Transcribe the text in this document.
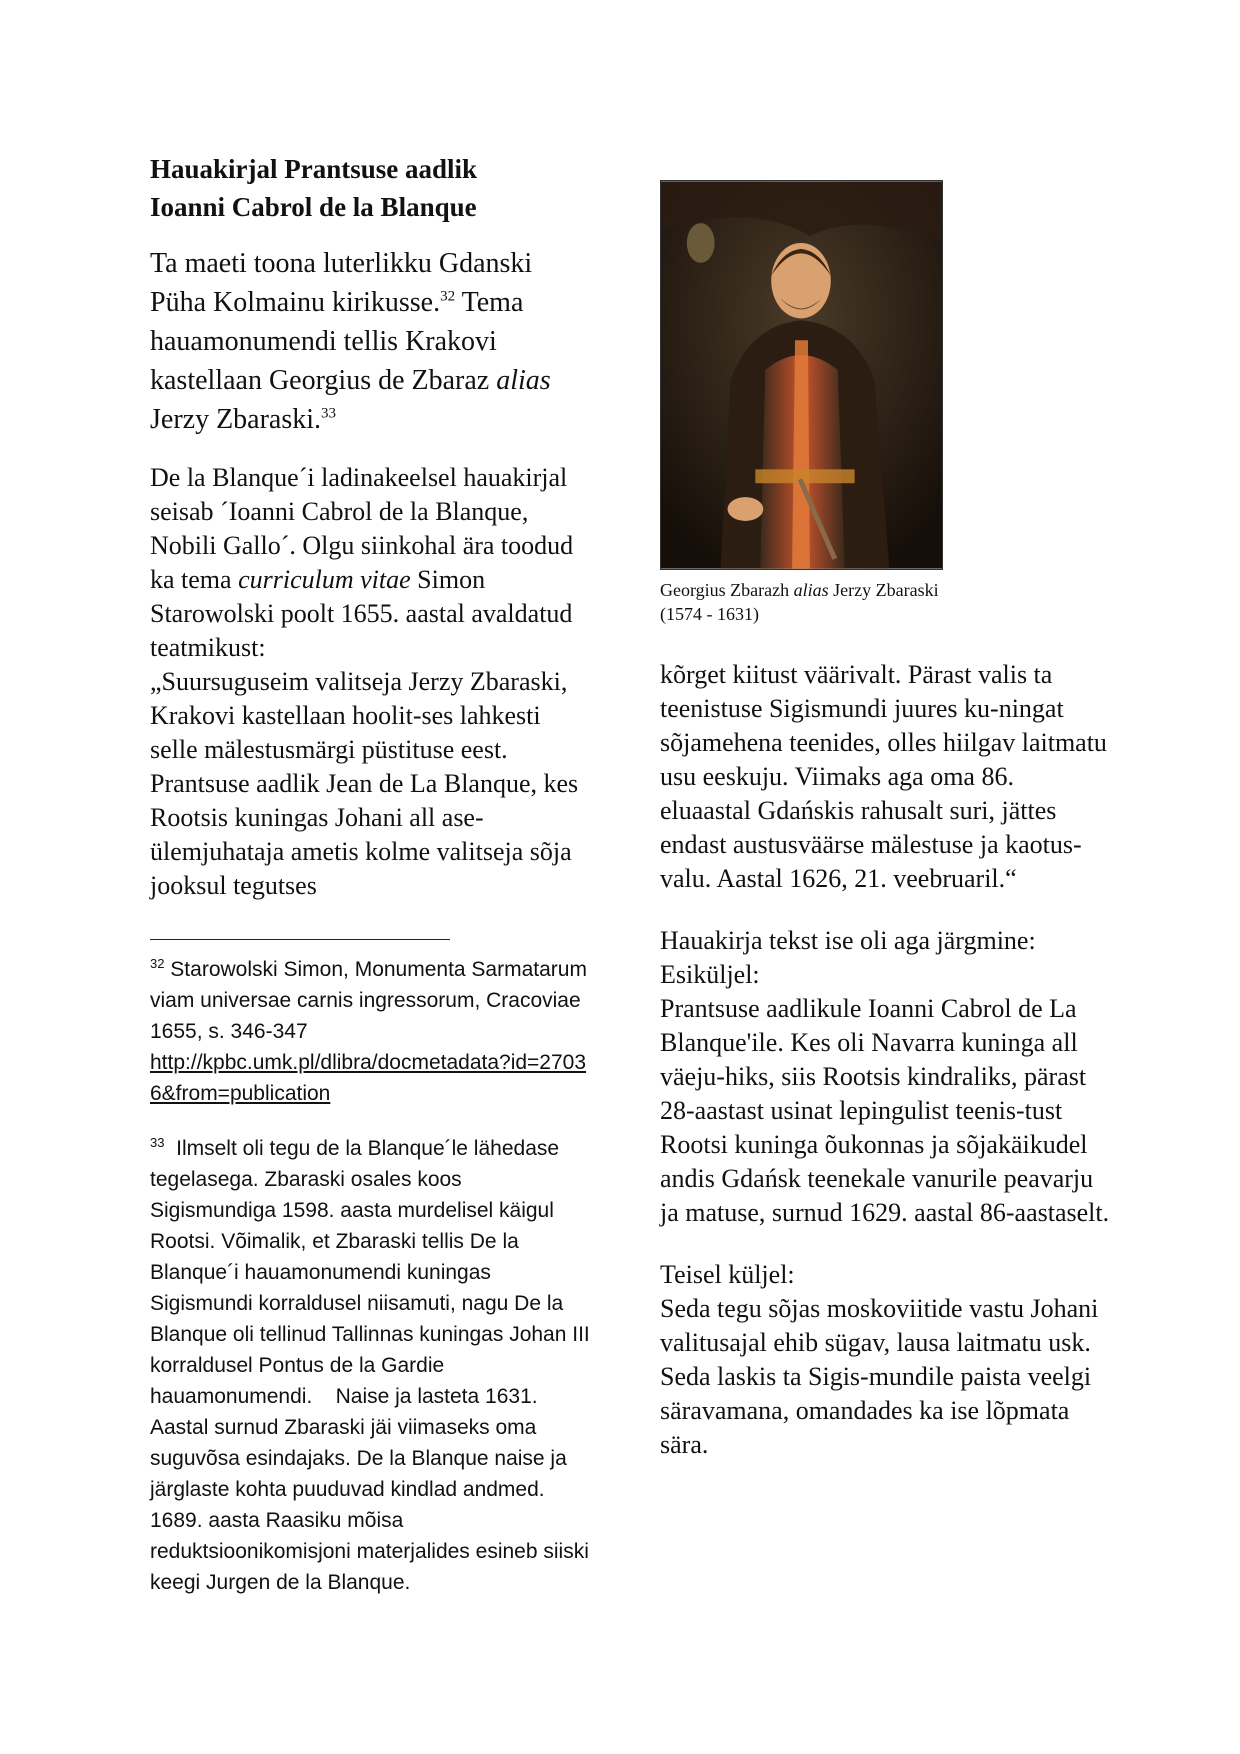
Hauakirjal Prantsuse aadlik
Ioanni Cabrol de la Blanque

Ta maeti toona luterlikku Gdanski Püha Kolmainu kirikusse.$^{32}$ Tema hauamonumendi tellis Krakovi kastellaan Georgius de Zbaraz alias Jerzy Zbaraski.$^{33}$

De la Blanque´i ladinakeelsel hauakirjal seisab ´Ioanni Cabrol de la Blanque, Nobili Gallo´. Olgu siinkohal ära toodud ka tema curriculum vitae Simon Starowolski poolt 1655. aastal avaldatud teatmikust:
„Suursuguseim valitseja Jerzy Zbaraski, Krakovi kastellaan hoolit-ses lahkesti selle mälestusmärgi püstituse eest. Prantsuse aadlik Jean de La Blanque, kes Rootsis kuningas Johani all ase-ülemjuhataja ametis kolme valitseja sõja jooksul tegutses

$^{32}$ Starowolski Simon, Monumenta Sarmatarum viam universae carnis ingressorum, Cracoviae 1655, s. 346-347
http://kpbc.umk.pl/dlibra/docmetadata?id=27036&from=publication

$^{33}$  Ilmselt oli tegu de la Blanque´le lähedase tegelasega. Zbaraski osales koos Sigismundiga 1598. aasta murdelisel käigul Rootsi. Võimalik, et Zbaraski tellis De la Blanque´i hauamonumendi kuningas Sigismundi korraldusel niisamuti, nagu De la Blanque oli tellinud Tallinnas kuningas Johan III korraldusel Pontus de la Gardie hauamonumendi.    Naise ja lasteta 1631. Aastal surnud Zbaraski jäi viimaseks oma suguvõsa esindajaks. De la Blanque naise ja järglaste kohta puuduvad kindlad andmed. 1689. aasta Raasiku mõisa reduktsioonikomisjoni materjalides esineb siiski keegi Jurgen de la Blanque.

Georgius Zbarazh alias Jerzy Zbaraski
(1574 - 1631)

kõrget kiitust väärivalt. Pärast valis ta teenistuse Sigismundi juures ku-ningat sõjamehena teenides, olles hiilgav laitmatu usu eeskuju. Viimaks aga oma 86. eluaastal Gdańskis rahusalt suri, jättes endast austusväärse mälestuse ja kaotus-valu. Aastal 1626, 21. veebruaril.“

Hauakirja tekst ise oli aga järgmine:

Esiküljel:

Prantsuse aadlikule Ioanni Cabrol de La Blanque'ile. Kes oli Navarra kuninga all väeju-hiks, siis Rootsis kindraliks, pärast 28-aastast usinat lepingulist teenis-tust Rootsi kuninga õukonnas ja sõjakäikudel andis Gdańsk teenekale vanurile peavarju ja matuse, surnud 1629. aastal 86-aastaselt.

Teisel küljel:

Seda tegu sõjas moskoviitide vastu Johani valitusajal ehib sügav, lausa laitmatu usk. Seda laskis ta Sigis-mundile paista veelgi säravamana, omandades ka ise lõpmata sära.
